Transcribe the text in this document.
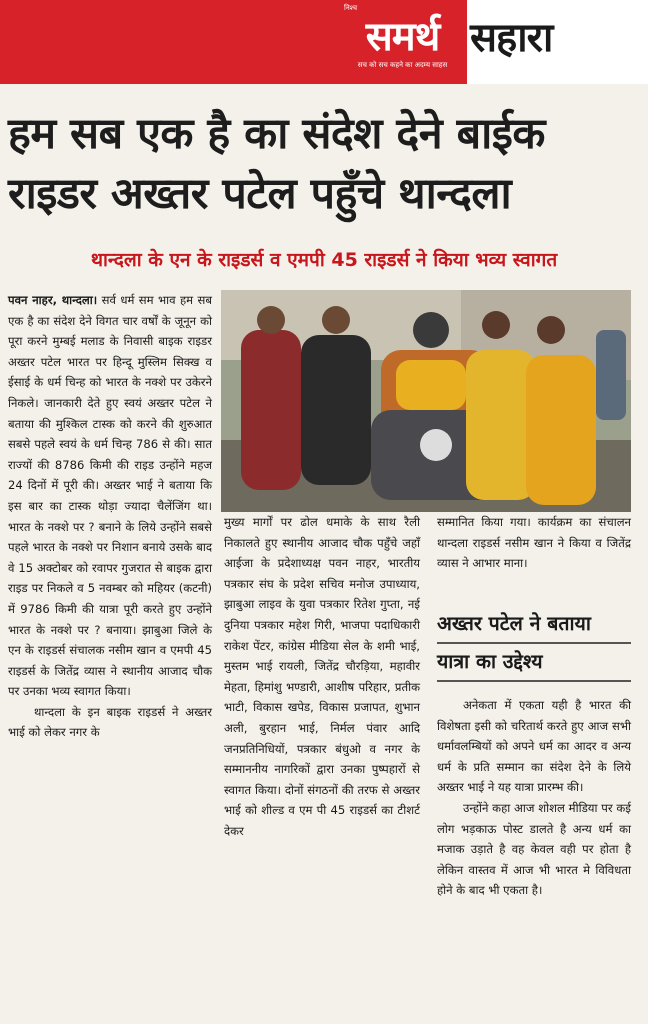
निश्च
समर्थ
सच को सच कहने का अदम्य साहस
सहारा
हम सब एक है का संदेश देने बाईक
राइडर अख्तर पटेल पहुँचे थान्दला
थान्दला के एन के राइडर्स व एमपी 45 राइडर्स ने किया भव्य स्वागत

पवन नाहर, थान्दला। सर्व धर्म सम भाव हम सब एक है का संदेश देने विगत चार वर्षों के जूनून को पूरा करने मुम्बई मलाड के निवासी बाइक राइडर अख्तर पटेल भारत पर हिन्दू मुस्लिम सिक्ख व ईसाई के धर्म चिन्ह को भारत के नक्शे पर उकेरने निकले। जानकारी देते हुए स्वयं अख्तर पटेल ने बताया की मुश्किल टास्क को करने की शुरुआत सबसे पहले स्वयं के धर्म चिन्ह 786 से की। सात राज्यों की 8786 किमी की राइड उन्होंने महज 24 दिनों में पूरी की। अख्तर भाई ने बताया कि इस बार का टास्क थोड़ा ज्यादा चैलेंजिंग था। भारत के नक्शे पर ? बनाने के लिये उन्होंने सबसे पहले भारत के नक्शे पर निशान बनाये उसके बाद वे 15 अक्टोबर को रवापर गुजरात से बाइक द्वारा राइड पर निकले व 5 नवम्बर को महियर (कटनी) में 9786 किमी की यात्रा पूरी करते हुए उन्होंने भारत के नक्शे पर ? बनाया। झाबुआ जिले के एन के राइडर्स संचालक नसीम खान व एमपी 45 राइडर्स के जितेंद्र व्यास ने स्थानीय आजाद चौक पर उनका भव्य स्वागत किया।

थान्दला के इन बाइक राइडर्स ने अख्तर भाई को लेकर नगर के

मुख्य मार्गों पर ढोल धमाके के साथ रैली निकालते हुए स्थानीय आजाद चौक पहुँचे जहाँ आईजा के प्रदेशाध्यक्ष पवन नाहर, भारतीय पत्रकार संघ के प्रदेश सचिव मनोज उपाध्याय, झाबुआ लाइव के युवा पत्रकार रितेश गुप्ता, नई दुनिया पत्रकार महेश गिरी, भाजपा पदाधिकारी राकेश पेंटर, कांग्रेस मीडिया सेल के शमी भाई, मुस्तम भाई रायली, जितेंद्र चौरड़िया, महावीर मेहता, हिमांशु भण्डारी, आशीष परिहार, प्रतीक भाटी, विकास खपेड, विकास प्रजापत, शुभान अली, बुरहान भाई, निर्मल पंवार आदि जनप्रतिनिधियों, पत्रकार बंधुओ व नगर के सम्माननीय नागरिकों द्वारा उनका पुष्पहारों से स्वागत किया। दोनों संगठनों की तरफ से अख्तर भाई को शील्ड व एम पी 45 राइडर्स का टीशर्ट देकर

सम्मानित किया गया। कार्यक्रम का संचालन थान्दला राइडर्स नसीम खान ने किया व जितेंद्र व्यास ने आभार माना।

अख्तर पटेल ने बताया
यात्रा का उद्देश्य

अनेकता में एकता यही है भारत की विशेषता इसी को चरितार्थ करते हुए आज सभी धर्मावलम्बियों को अपने धर्म का आदर व अन्य धर्म के प्रति सम्मान का संदेश देने के लिये अख्तर भाई ने यह यात्रा प्रारम्भ की।

उन्होंने कहा आज शोशल मीडिया पर कई लोग भड़काऊ पोस्ट डालते है अन्य धर्म का मजाक उड़ाते है वह केवल वही पर होता है लेकिन वास्तव में आज भी भारत मे विविधता होने के बाद भी एकता है।
